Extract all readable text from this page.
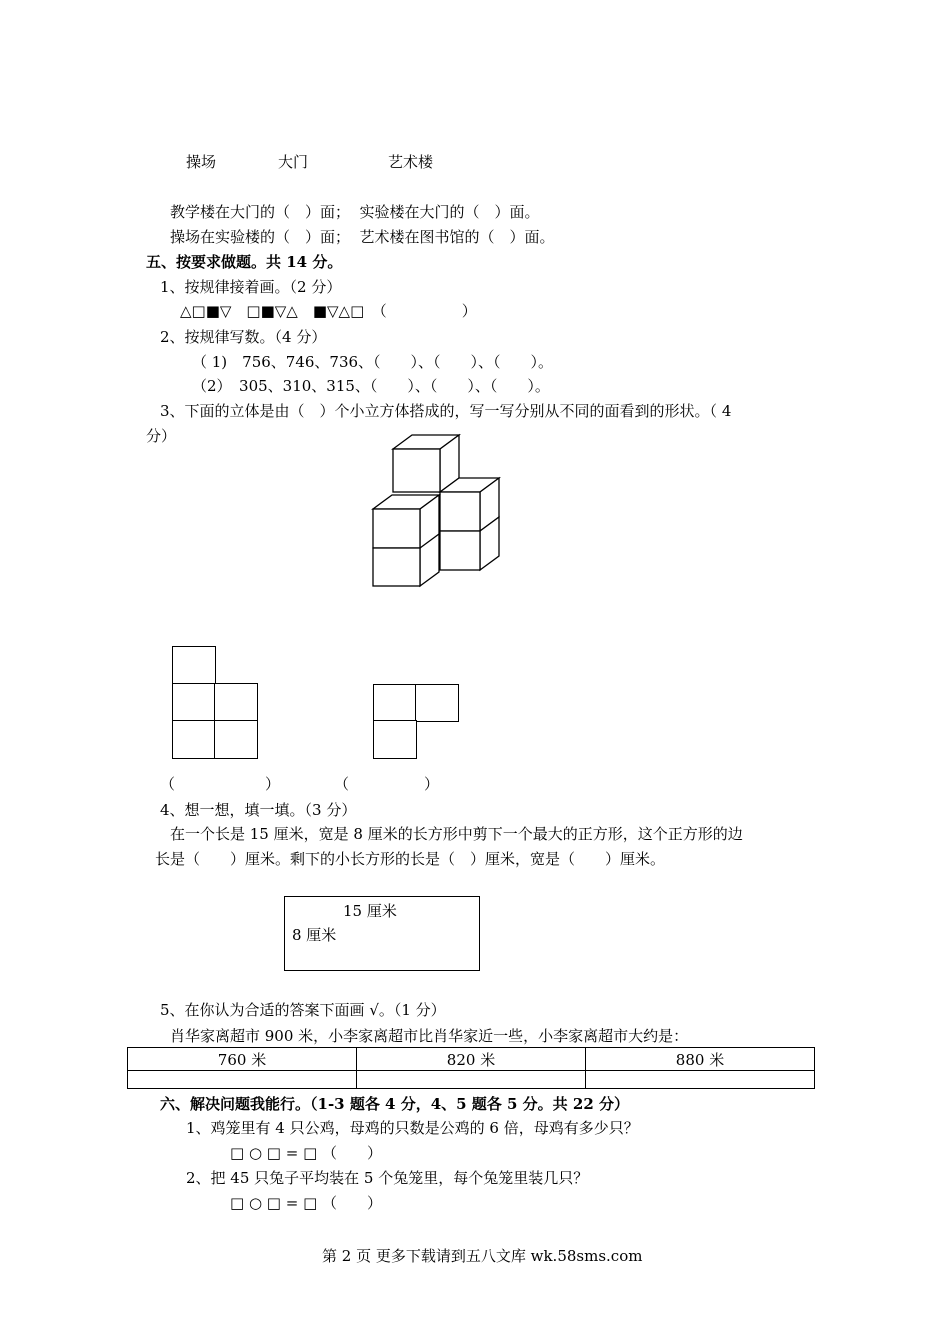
操场	大门	艺术楼
教学楼在大门的（　）面；  实验楼在大门的（　）面。
操场在实验楼的（　）面；  艺术楼在图书馆的（　）面。
五、按要求做题。共 14 分。
1、按规律接着画。（2 分）
△□■▽　□■▽△　■▽△□　（　　　　　）
2、按规律写数。（4 分）
（ 1)　756、746、736、（　　）、（　　）、（　　）。
（2）　305、310、315、（　　）、（　　）、（　　）。
3、下面的立体是由（　）个小立方体搭成的，写一写分别从不同的面看到的形状。（ 4
分）
（　　　　　　）	（　　　　　）
4、想一想，填一填。（3 分）
在一个长是 15 厘米，宽是 8 厘米的长方形中剪下一个最大的正方形，这个正方形的边
长是（　　）厘米。剩下的小长方形的长是（　）厘米，宽是（　　）厘米。
15 厘米
8 厘米
5、在你认为合适的答案下面画 √。（1 分）
肖华家离超市 900 米，小李家离超市比肖华家近一些，小李家离超市大约是：
760 米	820 米	880 米

六、解决问题我能行。（1-3 题各 4 分，4、5 题各 5 分。共 22 分）
1、鸡笼里有 4 只公鸡，母鸡的只数是公鸡的 6 倍，母鸡有多少只？
□ ○ □ = □ （　　）
2、把 45 只兔子平均装在 5 个兔笼里，每个兔笼里装几只？
□ ○ □ = □ （　　）
第 2 页 更多下载请到五八文库 wk.58sms.com
